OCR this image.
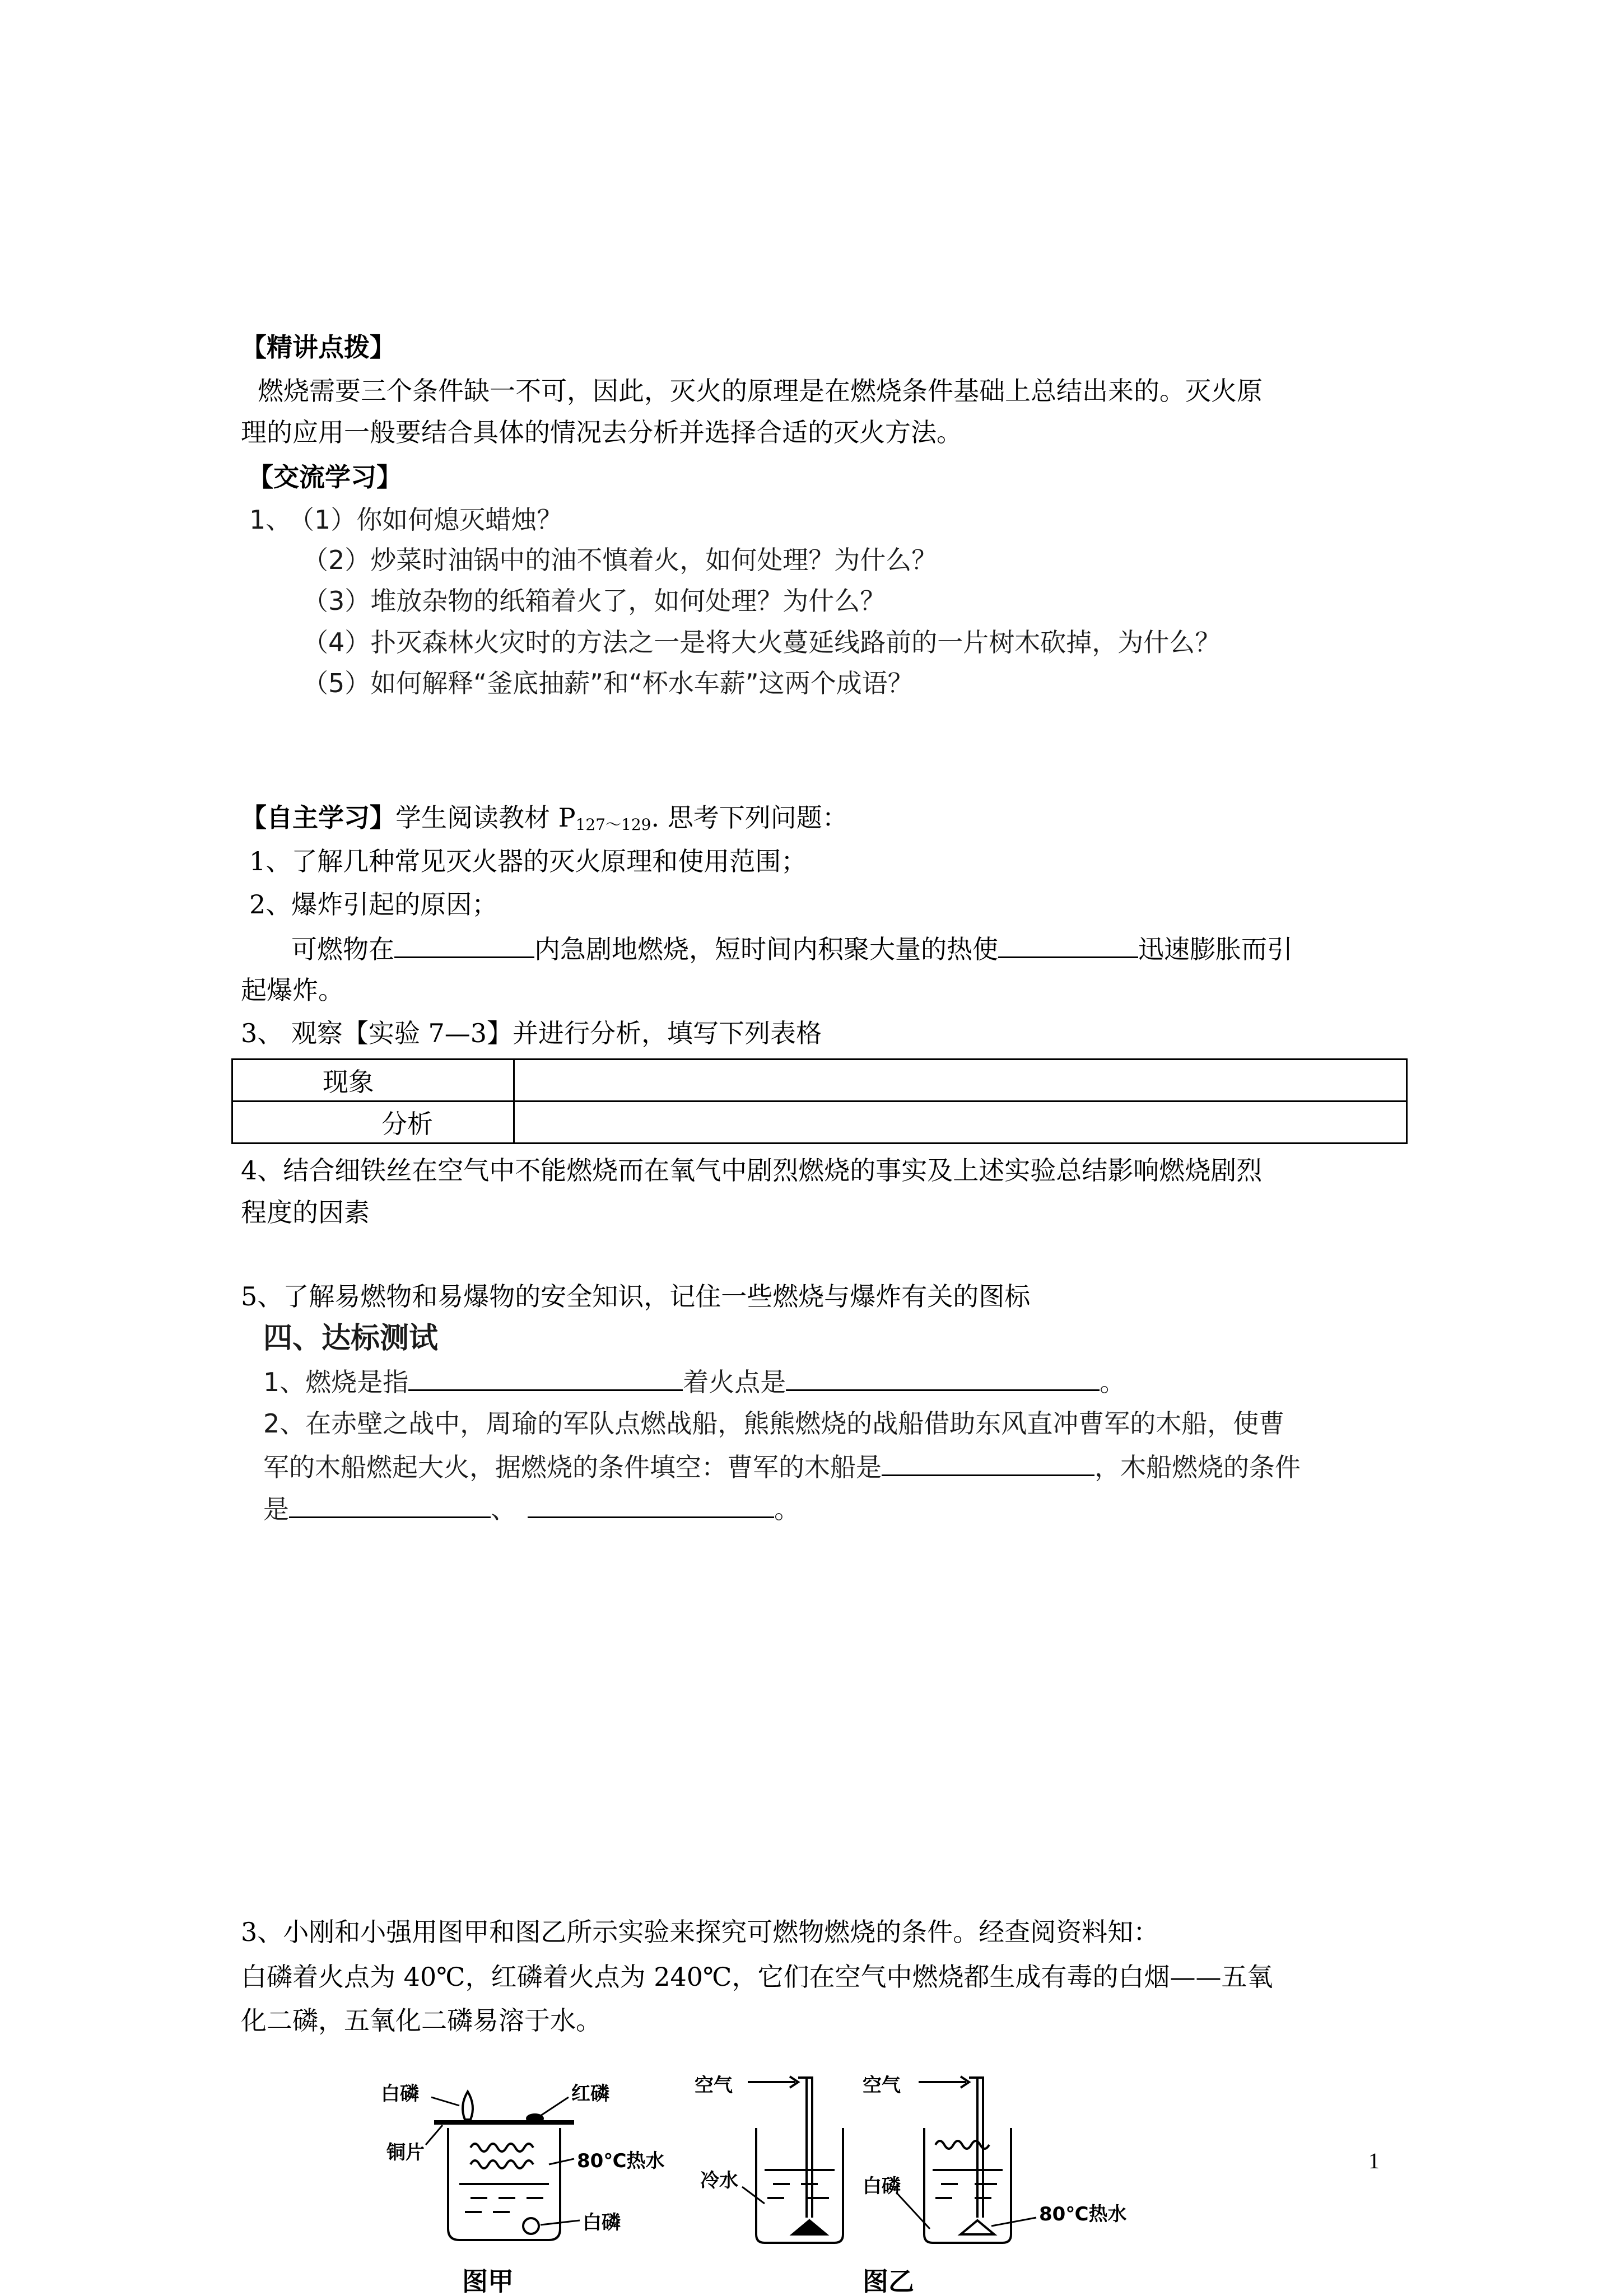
【精讲点拨】
燃烧需要三个条件缺一不可，因此，灭火的原理是在燃烧条件基础上总结出来的。灭火原
理的应用一般要结合具体的情况去分析并选择合适的灭火方法。
【交流学习】
1、
（1）你如何熄灭蜡烛？
（2）炒菜时油锅中的油不慎着火，如何处理？为什么？
（3）堆放杂物的纸箱着火了，如何处理？为什么？
（4）扑灭森林火灾时的方法之一是将大火蔓延线路前的一片树木砍掉，为什么？
（5）如何解释“釜底抽薪”和“杯水车薪”这两个成语？
【自主学习】学生阅读教材 $P_{127\sim 129}$. 思考下列问题：
1、了解几种常见灭火器的灭火原理和使用范围；
2、爆炸引起的原因；
可燃物在	内急剧地燃烧，短时间内积聚大量的热使	迅速膨胀而引
起爆炸。
3、 观察【实验 7—3】并进行分析，填写下列表格
现象	
分析	
4、结合细铁丝在空气中不能燃烧而在氧气中剧烈燃烧的事实及上述实验总结影响燃烧剧烈
程度的因素
5、了解易燃物和易爆物的安全知识，记住一些燃烧与爆炸有关的图标
四、达标测试
1、燃烧是指	着火点是	。
2、在赤壁之战中，周瑜的军队点燃战船，熊熊燃烧的战船借助东风直冲曹军的木船，使曹
军的木船燃起大火，据燃烧的条件填空：曹军的木船是	，木船燃烧的条件
是	、	。
3、小刚和小强用图甲和图乙所示实验来探究可燃物燃烧的条件。经查阅资料知：
白磷着火点为 40℃，红磷着火点为 240℃，它们在空气中燃烧都生成有毒的白烟——五氧
化二磷，五氧化二磷易溶于水。
白磷	红磷
铜片	80℃热水
白磷
图甲
空气	空气
冷水	白磷
80℃热水
图乙
1
